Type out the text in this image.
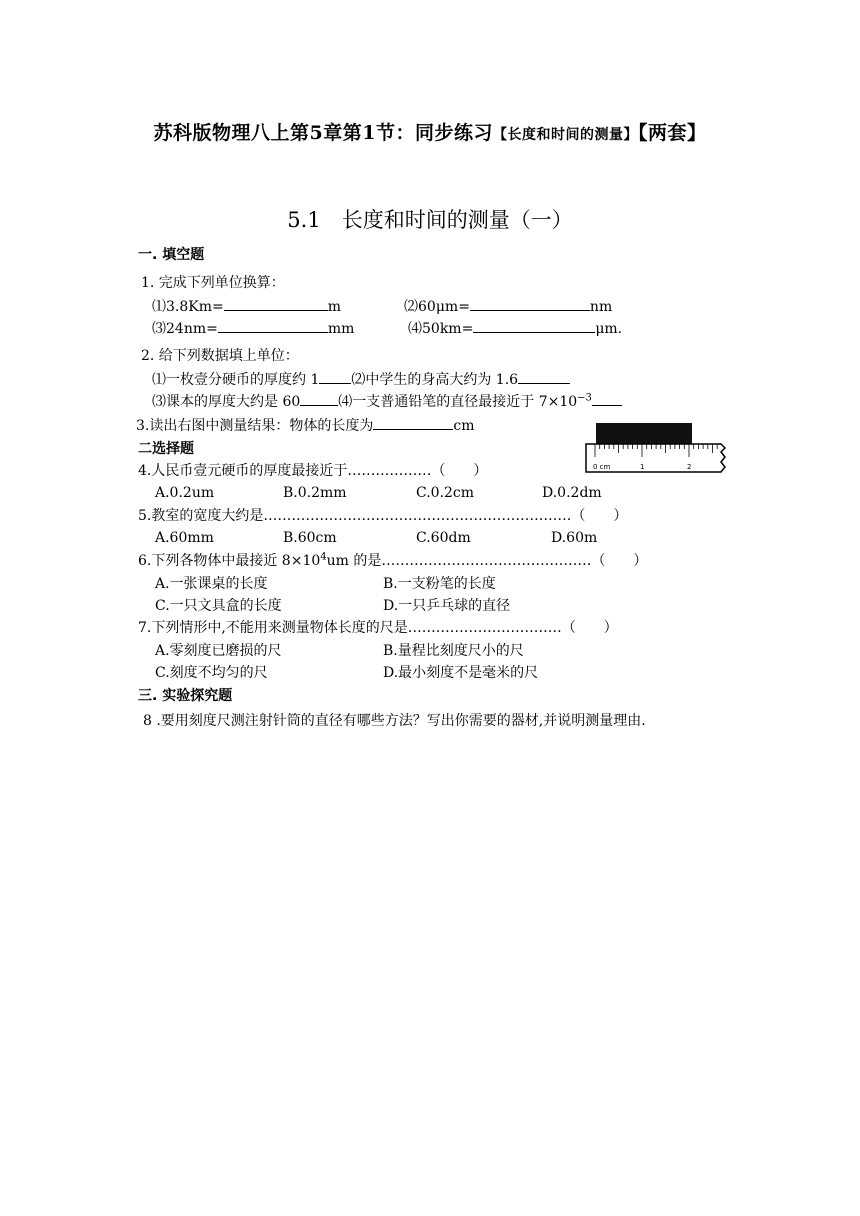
苏科版物理八上第5章第1节：同步练习【长度和时间的测量】【两套】
5.1　长度和时间的测量（一）
一. 填空题
1. 完成下列单位换算：
⑴3.8Km=	m	⑵60μm=	nm
⑶24nm=	mm	⑷50km=	μm.
2. 给下列数据填上单位：
⑴一枚壹分硬币的厚度约 1 ⑵中学生的身高大约为 1.6
⑶课本的厚度大约是 60	⑷一支普通铅笔的直径最接近于 $7\times 10^{-3}$
3.读出右图中测量结果：物体的长度为	cm
0 cm	1	2
二选择题
4.人民币壹元硬币的厚度最接近于………………（　　）
A.0.2um	B.0.2mm	C.0.2cm	D.0.2dm
5.教室的宽度大约是…………………………………………………………（　　）
A.60mm	B.60cm	C.60dm	D.60m
6.下列各物体中最接近 $8\times 10^4um$ 的是………………………………………（　　）
A.一张课桌的长度	B.一支粉笔的长度
C.一只文具盒的长度	D.一只乒乓球的直径
7.下列情形中,不能用来测量物体长度的尺是……………………………（　　）
A.零刻度已磨损的尺	B.量程比刻度尺小的尺
C.刻度不均匀的尺	D.最小刻度不是毫米的尺
三. 实验探究题
8 .要用刻度尺测注射针筒的直径有哪些方法？写出你需要的器材,并说明测量理由.
